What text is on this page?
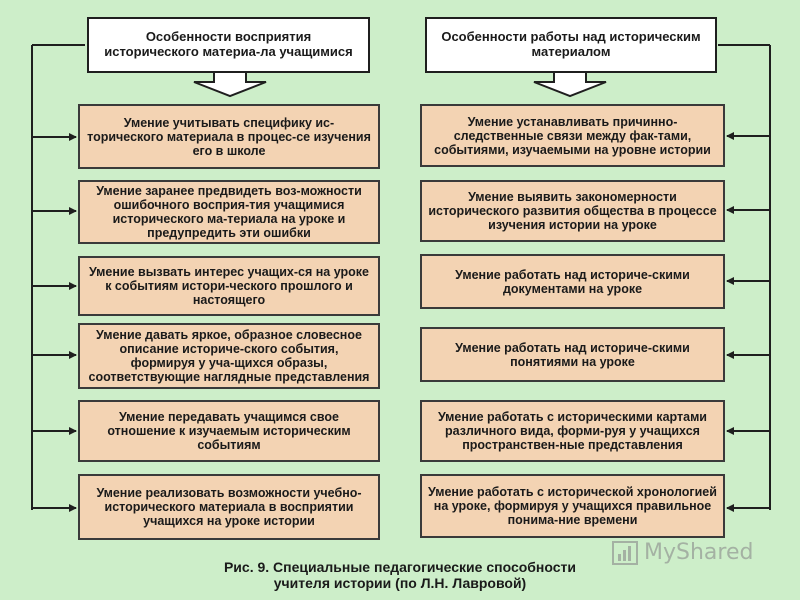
Особенности восприятия исторического материа-ла учащимися
Особенности работы над историческим материалом
Умение учитывать специфику ис-торического материала в процес-се изучения его в школе
Умение заранее предвидеть воз-можности ошибочного восприя-тия учащимися исторического ма-териала на уроке и предупредить эти ошибки
Умение вызвать интерес учащих-ся на уроке к событиям истори-ческого прошлого и настоящего
Умение давать яркое, образное словесное описание историче-ского события, формируя у уча-щихся образы, соответствующие наглядные представления
Умение передавать учащимся свое отношение к изучаемым историческим событиям
Умение реализовать возможности учебно-исторического материала в восприятии учащихся на уроке истории
Умение устанавливать причинно-следственные связи между фак-тами, событиями, изучаемыми на уровне истории
Умение выявить закономерности исторического развития общества в процессе изучения истории на уроке
Умение работать над историче-скими документами на уроке
Умение работать над историче-скими понятиями на уроке
Умение работать с историческими картами различного вида, форми-руя у учащихся пространствен-ные представления
Умение работать с исторической хронологией на уроке, формируя у учащихся правильное понима-ние времени
Рис. 9. Специальные педагогические способности
учителя истории (по Л.Н. Лавровой)
MyShared
